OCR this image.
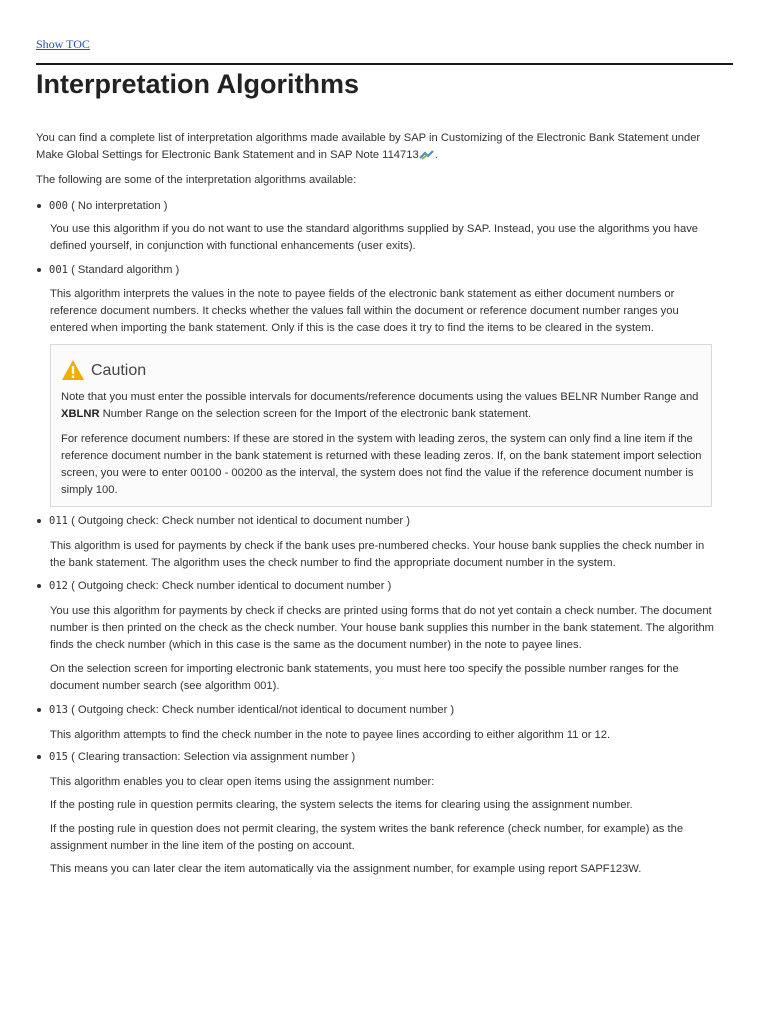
Show TOC
Interpretation Algorithms

You can find a complete list of interpretation algorithms made available by SAP in Customizing of the Electronic Bank Statement under Make Global Settings for Electronic Bank Statement and in SAP Note 114713 .

The following are some of the interpretation algorithms available:

000 ( No interpretation )

You use this algorithm if you do not want to use the standard algorithms supplied by SAP. Instead, you use the algorithms you have defined yourself, in conjunction with functional enhancements (user exits).

001 ( Standard algorithm )

This algorithm interprets the values in the note to payee fields of the electronic bank statement as either document numbers or reference document numbers. It checks whether the values fall within the document or reference document number ranges you entered when importing the bank statement. Only if this is the case does it try to find the items to be cleared in the system.

Caution

Note that you must enter the possible intervals for documents/reference documents using the values BELNR Number Range and XBLNR Number Range on the selection screen for the Import of the electronic bank statement.

For reference document numbers: If these are stored in the system with leading zeros, the system can only find a line item if the reference document number in the bank statement is returned with these leading zeros. If, on the bank statement import selection screen, you were to enter 00100 - 00200 as the interval, the system does not find the value if the reference document number is simply 100.

011 ( Outgoing check: Check number not identical to document number )

This algorithm is used for payments by check if the bank uses pre-numbered checks. Your house bank supplies the check number in the bank statement. The algorithm uses the check number to find the appropriate document number in the system.

012 ( Outgoing check: Check number identical to document number )

You use this algorithm for payments by check if checks are printed using forms that do not yet contain a check number. The document number is then printed on the check as the check number. Your house bank supplies this number in the bank statement. The algorithm finds the check number (which in this case is the same as the document number) in the note to payee lines.

On the selection screen for importing electronic bank statements, you must here too specify the possible number ranges for the document number search (see algorithm 001).

013 ( Outgoing check: Check number identical/not identical to document number )

This algorithm attempts to find the check number in the note to payee lines according to either algorithm 11 or 12.

015 ( Clearing transaction: Selection via assignment number )

This algorithm enables you to clear open items using the assignment number:

If the posting rule in question permits clearing, the system selects the items for clearing using the assignment number.

If the posting rule in question does not permit clearing, the system writes the bank reference (check number, for example) as the assignment number in the line item of the posting on account.

This means you can later clear the item automatically via the assignment number, for example using report SAPF123W.
